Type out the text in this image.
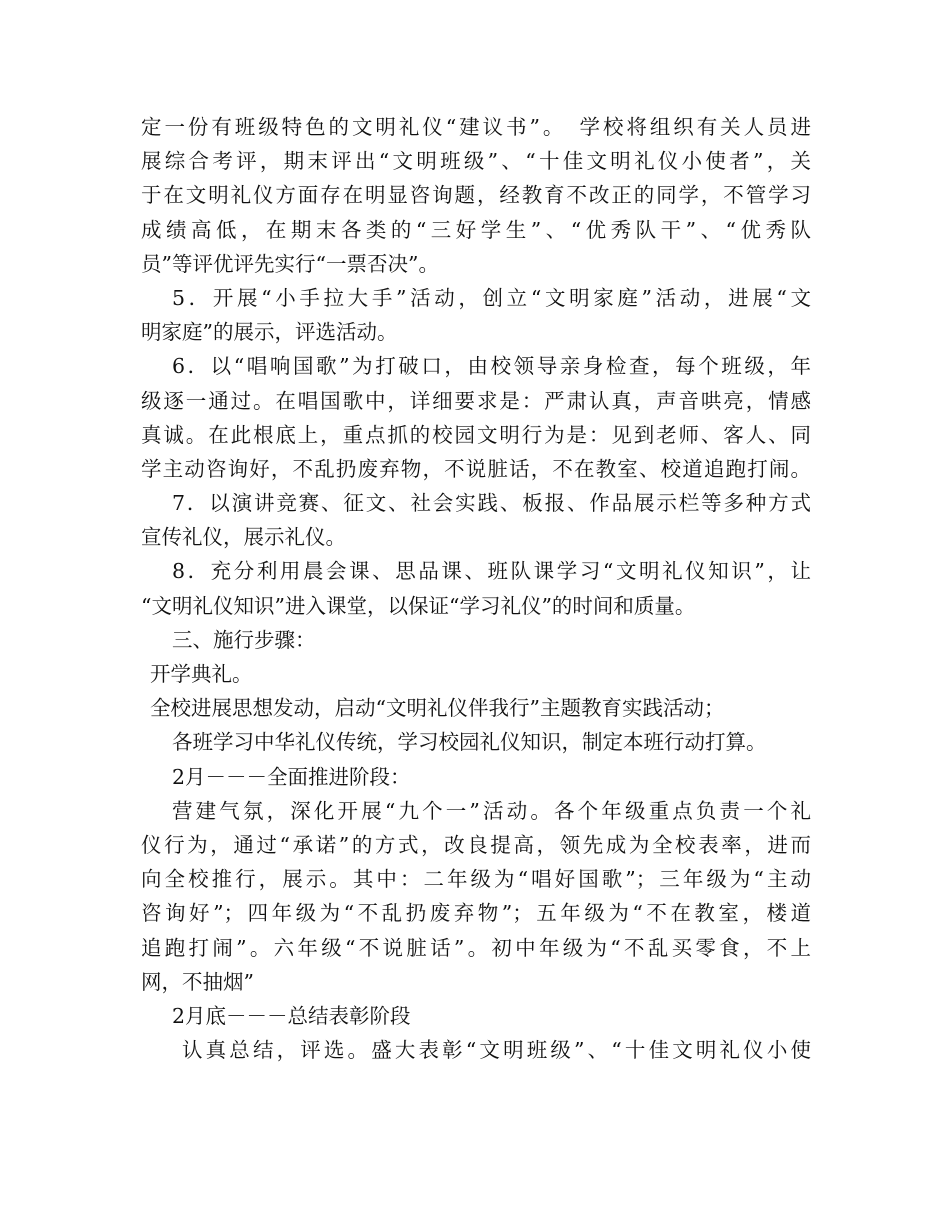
定一份有班级特色的文明礼仪“建议书”。　学校将组织有关人员进
展综合考评，期末评出“文明班级”、“十佳文明礼仪小使者”，关
于在文明礼仪方面存在明显咨询题，经教育不改正的同学，不管学习
成绩高低，在期末各类的“三好学生”、“优秀队干”、“优秀队
员”等评优评先实行“一票否决”。
5．开展“小手拉大手”活动，创立“文明家庭”活动，进展“文
明家庭”的展示，评选活动。
6．以“唱响国歌”为打破口，由校领导亲身检查，每个班级，年
级逐一通过。在唱国歌中，详细要求是：严肃认真，声音哄亮，情感
真诚。在此根底上，重点抓的校园文明行为是：见到老师、客人、同
学主动咨询好，不乱扔废弃物，不说脏话，不在教室、校道追跑打闹。
7．以演讲竞赛、征文、社会实践、板报、作品展示栏等多种方式
宣传礼仪，展示礼仪。
8．充分利用晨会课、思品课、班队课学习“文明礼仪知识”，让
“文明礼仪知识”进入课堂，以保证“学习礼仪”的时间和质量。
三、施行步骤：
开学典礼。
全校进展思想发动，启动“文明礼仪伴我行”主题教育实践活动；
各班学习中华礼仪传统，学习校园礼仪知识，制定本班行动打算。
2月－－－全面推进阶段：
营建气氛，深化开展“九个一”活动。各个年级重点负责一个礼
仪行为，通过“承诺”的方式，改良提高，领先成为全校表率，进而
向全校推行，展示。其中：二年级为“唱好国歌”；三年级为“主动
咨询好”；四年级为“不乱扔废弃物”；五年级为“不在教室，楼道
追跑打闹”。六年级“不说脏话”。初中年级为“不乱买零食，不上
网，不抽烟”
2月底－－－总结表彰阶段
认真总结，评选。盛大表彰“文明班级”、“十佳文明礼仪小使
